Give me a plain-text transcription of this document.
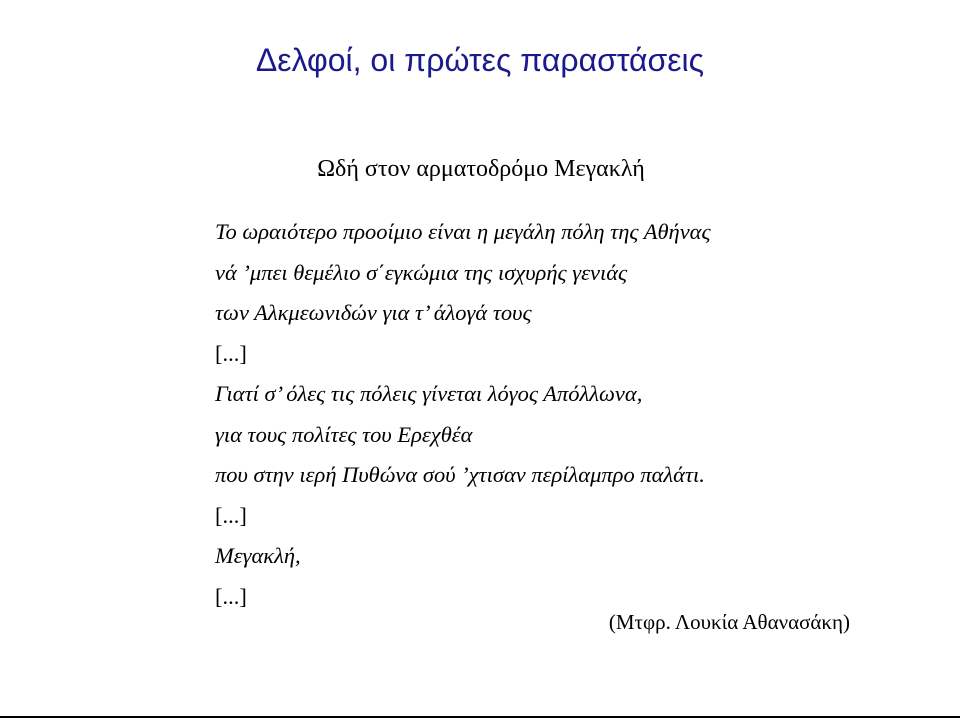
Δελφοί, οι πρώτες παραστάσεις
Ωδή στον αρματοδρόμο Μεγακλή
Το ωραιότερο προοίμιο είναι η μεγάλη πόλη της Αθήνας
νά ’μπει θεμέλιο σ΄εγκώμια της ισχυρής γενιάς
των Αλκμεωνιδών για τ’ άλογά τους
[...]
Γιατί σ’ όλες τις πόλεις γίνεται λόγος Απόλλωνα,
για τους πολίτες του Ερεχθέα
που στην ιερή Πυθώνα σού ’χτισαν περίλαμπρο παλάτι.
[...]
Μεγακλή,
[...]
(Μτφρ. Λουκία Αθανασάκη)
